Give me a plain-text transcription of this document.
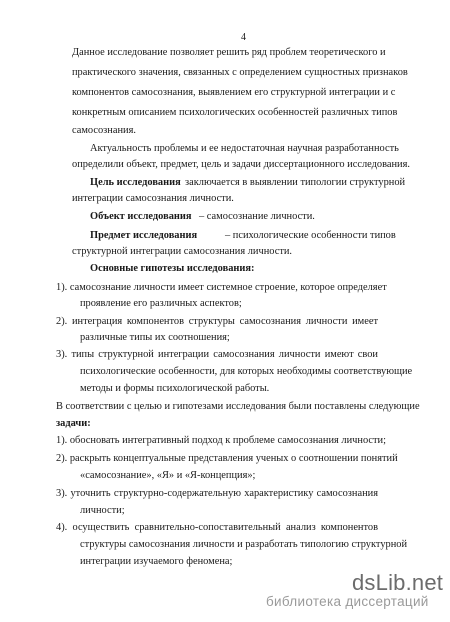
4
Данное исследование позволяет решить ряд проблем теоретического и
практического значения, связанных с определением сущностных признаков
компонентов самосознания, выявлением его структурной интеграции и с
конкретным описанием психологических особенностей различных типов
самосознания.
Актуальность проблемы и ее недостаточная научная разработанность
определили объект, предмет, цель и задачи диссертационного исследования.
Цель исследования заключается в выявлении типологии структурной
интеграции самосознания личности.
Объект исследования – самосознание личности.
Предмет исследования	– психологические особенности типов
структурной интеграции самосознания личности.
Основные гипотезы исследования:
1). самосознание личности имеет системное строение, которое определяет
проявление его различных аспектов;
2). интеграция компонентов структуры самосознания личности имеет
различные типы их соотношения;
3). типы структурной интеграции самосознания личности имеют свои
психологические особенности, для которых необходимы соответствующие
методы и формы психологической работы.
В соответствии с целью и гипотезами исследования были поставлены следующие
задачи:
1). обосновать интегративный подход к проблеме самосознания личности;
2). раскрыть концептуальные представления ученых о соотношении понятий
«самосознание», «Я» и «Я-концепция»;
3). уточнить структурно-содержательную характеристику самосознания
личности;
4). осуществить сравнительно-сопоставительный анализ компонентов
структуры самосознания личности и разработать типологию структурной
интеграции изучаемого феномена;
dsLib.net
библиотека диссертаций
